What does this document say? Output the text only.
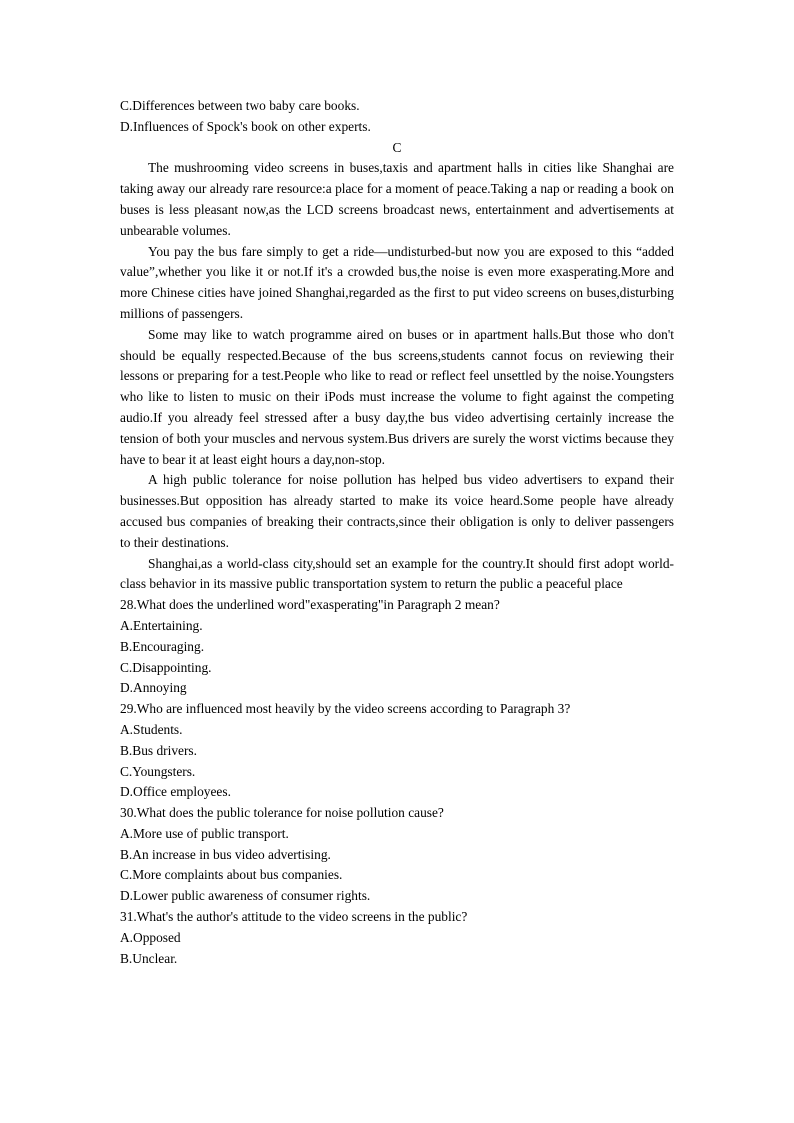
C.Differences between two baby care books.

D.Influences of Spock's book on other experts.

C

The mushrooming video screens in buses,taxis and apartment halls in cities like Shanghai are taking away our already rare resource:a place for a moment of peace.Taking a nap or reading a book on buses is less pleasant now,as the LCD screens broadcast news, entertainment and advertisements at unbearable volumes.

You pay the bus fare simply to get a ride—undisturbed-but now you are exposed to this “added value”,whether you like it or not.If it's a crowded bus,the noise is even more exasperating.More and more Chinese cities have joined Shanghai,regarded as the first to put video screens on buses,disturbing millions of passengers.

Some may like to watch programme aired on buses or in apartment halls.But those who don't should be equally respected.Because of the bus screens,students cannot focus on reviewing their lessons or preparing for a test.People who like to read or reflect feel unsettled by the noise.Youngsters who like to listen to music on their iPods must increase the volume to fight against the competing audio.If you already feel stressed after a busy day,the bus video advertising certainly increase the tension of both your muscles and nervous system.Bus drivers are surely the worst victims because they have to bear it at least eight hours a day,non-stop.

A high public tolerance for noise pollution has helped bus video advertisers to expand their businesses.But opposition has already started to make its voice heard.Some people have already accused bus companies of breaking their contracts,since their obligation is only to deliver passengers to their destinations.

Shanghai,as a world-class city,should set an example for the country.It should first adopt world-class behavior in its massive public transportation system to return the public a peaceful place

28.What does the underlined word"exasperating"in Paragraph 2 mean?

A.Entertaining.

B.Encouraging.

C.Disappointing.

D.Annoying

29.Who are influenced most heavily by the video screens according to Paragraph 3?

A.Students.

B.Bus drivers.

C.Youngsters.

D.Office employees.

30.What does the public tolerance for noise pollution cause?

A.More use of public transport.

B.An increase in bus video advertising.

C.More complaints about bus companies.

D.Lower public awareness of consumer rights.

31.What's the author's attitude to the video screens in the public?

A.Opposed

B.Unclear.
